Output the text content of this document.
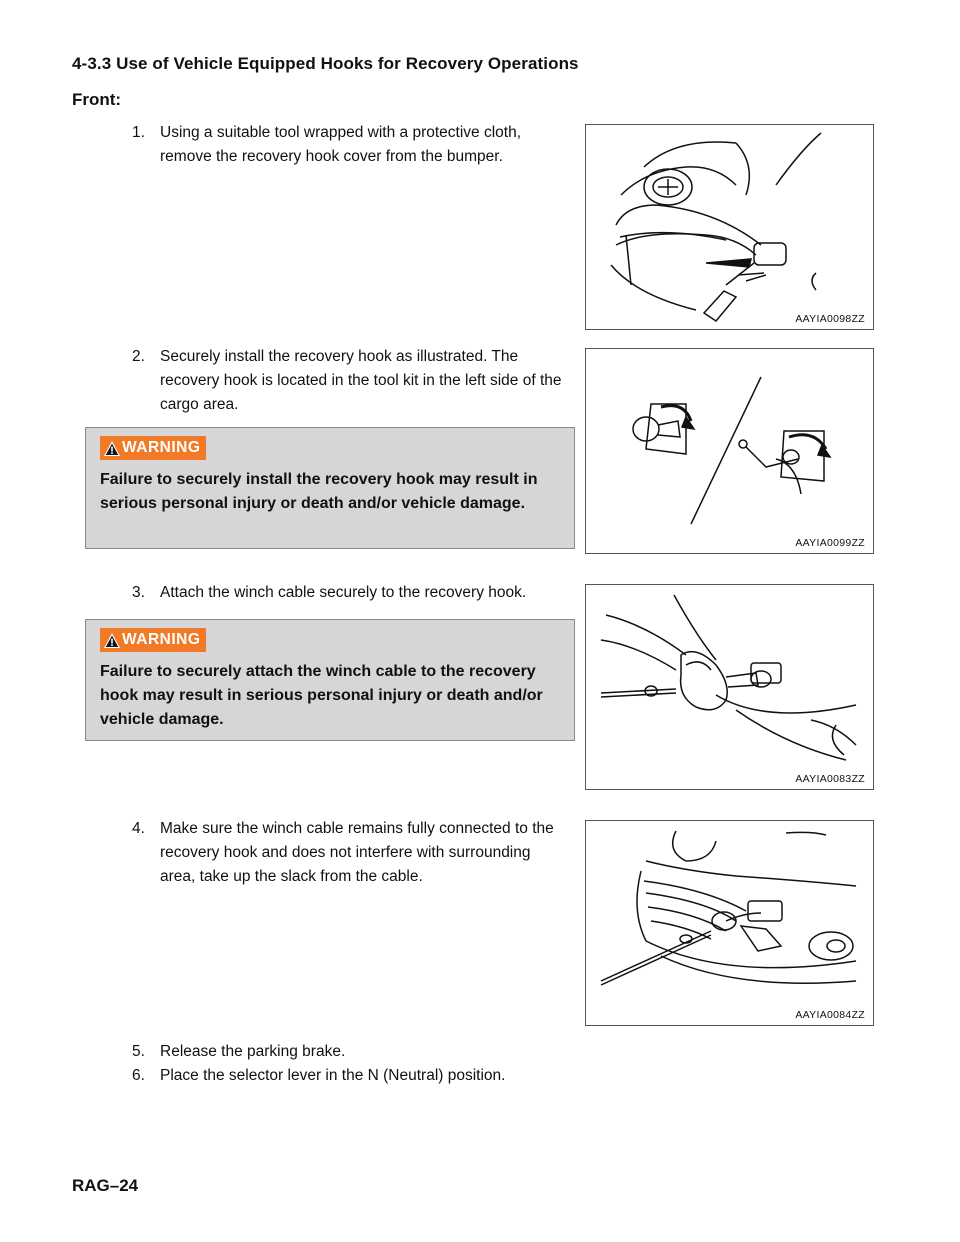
4-3.3 Use of Vehicle Equipped Hooks for Recovery Operations
Front:
1. Using a suitable tool wrapped with a protective cloth, remove the recovery hook cover from the bumper.
2. Securely install the recovery hook as illustrated. The recovery hook is located in the tool kit in the left side of the cargo area.
WARNING
Failure to securely install the recovery hook may result in serious personal injury or death and/or vehicle damage.
3. Attach the winch cable securely to the recovery hook.
WARNING
Failure to securely attach the winch cable to the recovery hook may result in serious personal injury or death and/or vehicle damage.
4. Make sure the winch cable remains fully connected to the recovery hook and does not interfere with surrounding area, take up the slack from the cable.
5. Release the parking brake.
6. Place the selector lever in the N (Neutral) position.
AAYIA0098ZZ
AAYIA0099ZZ
AAYIA0083ZZ
AAYIA0084ZZ
RAG–24
